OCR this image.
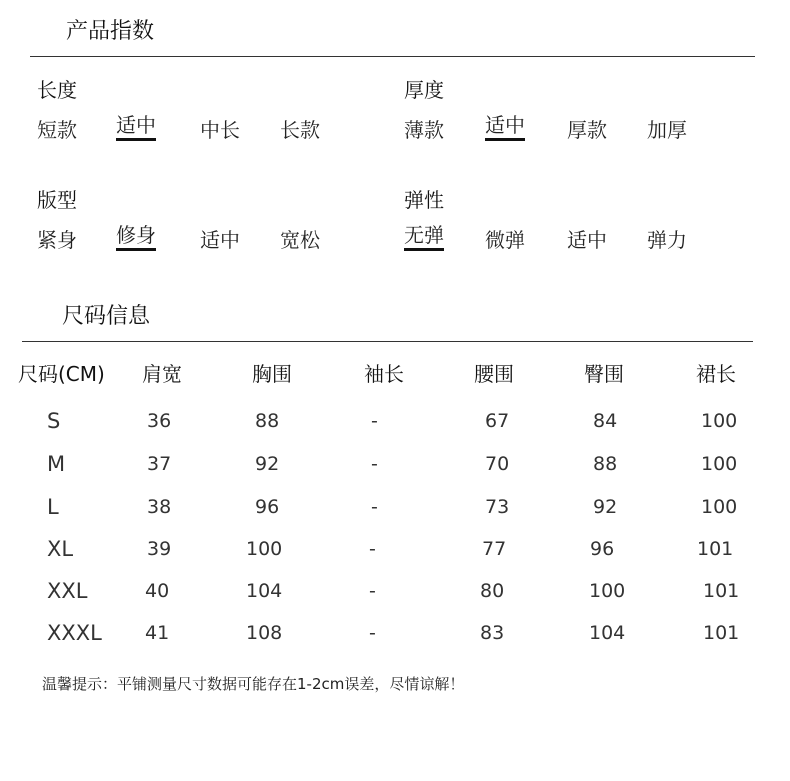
产品指数
长度
短款 适中 中长 长款
厚度
薄款 适中 厚款 加厚
版型
紧身 修身 适中 宽松
弹性
无弹 微弹 适中 弹力
尺码信息
尺码(CM) 肩宽	胸围	袖长	腰围	臀围	裙长
S	36	88	-	67	84	100
M	37	92	-	70	88	100
L	38	96	-	73	92	100
XL	39	100	-	77	96	101
XXL	40	104	-	80	100	101
XXXL 41	108	-	83	104	101
温馨提示：平铺测量尺寸数据可能存在1-2cm误差，尽情谅解！
